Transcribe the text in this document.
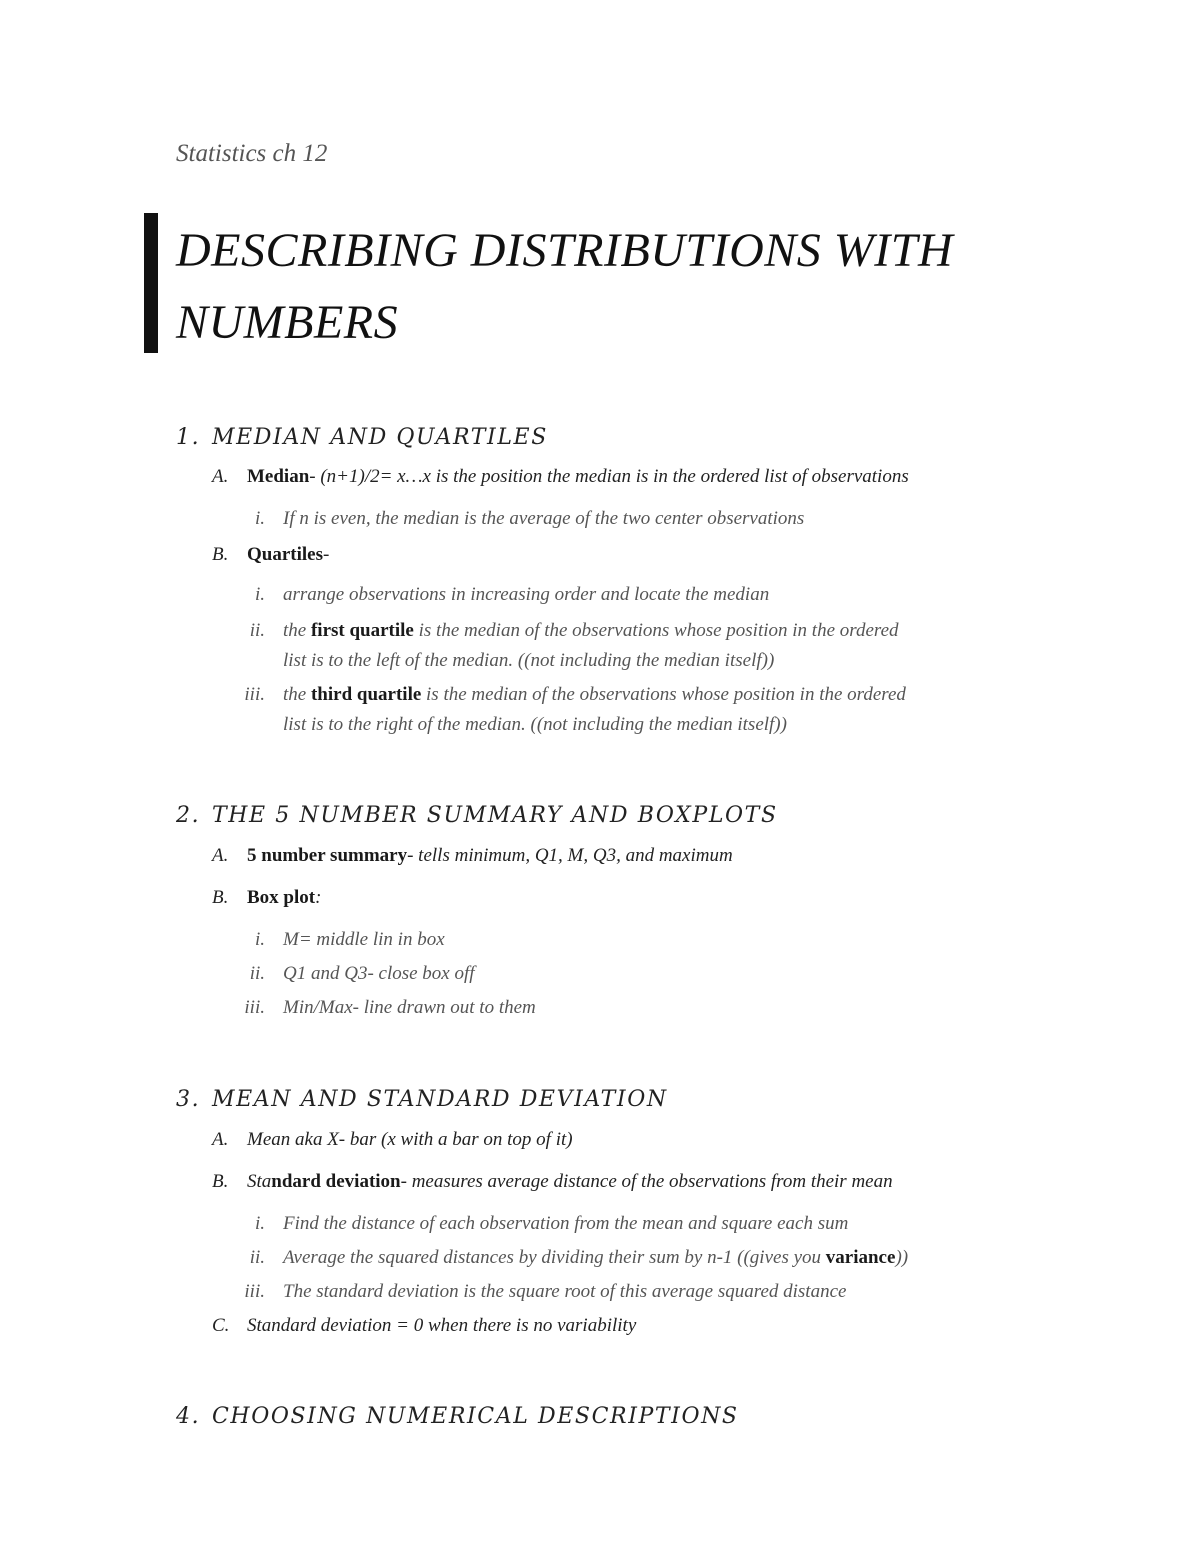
Statistics ch 12
DESCRIBING DISTRIBUTIONS WITH NUMBERS
1. MEDIAN AND QUARTILES
A. Median- (n+1)/2= x…x is the position the median is in the ordered list of observations
i. If n is even, the median is the average of the two center observations
B. Quartiles-
i. arrange observations in increasing order and locate the median
ii. the first quartile is the median of the observations whose position in the ordered
list is to the left of the median. ((not including the median itself))
iii. the third quartile is the median of the observations whose position in the ordered
list is to the right of the median. ((not including the median itself))
2. THE 5 NUMBER SUMMARY AND BOXPLOTS
A. 5 number summary- tells minimum, Q1, M, Q3, and maximum
B. Box plot:
i. M= middle lin in box
ii. Q1 and Q3- close box off
iii. Min/Max- line drawn out to them
3. MEAN AND STANDARD DEVIATION
A. Mean aka X- bar (x with a bar on top of it)
B. Standard deviation- measures average distance of the observations from their mean
i. Find the distance of each observation from the mean and square each sum
ii. Average the squared distances by dividing their sum by n-1 ((gives you variance))
iii. The standard deviation is the square root of this average squared distance
C. Standard deviation = 0 when there is no variability
4. CHOOSING NUMERICAL DESCRIPTIONS
